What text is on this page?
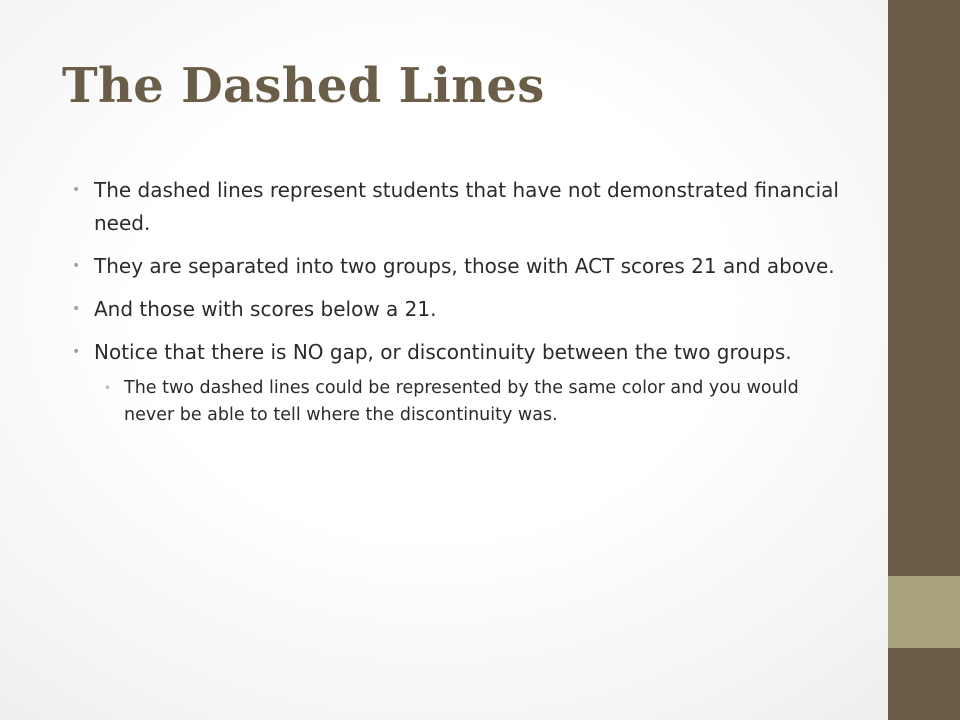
The Dashed Lines
• The dashed lines represent students that have not demonstrated financial need.
• They are separated into two groups, those with ACT scores 21 and above.
• And those with scores below a 21.
• Notice that there is NO gap, or discontinuity between the two groups.
• The two dashed lines could be represented by the same color and you would never be able to tell where the discontinuity was.
